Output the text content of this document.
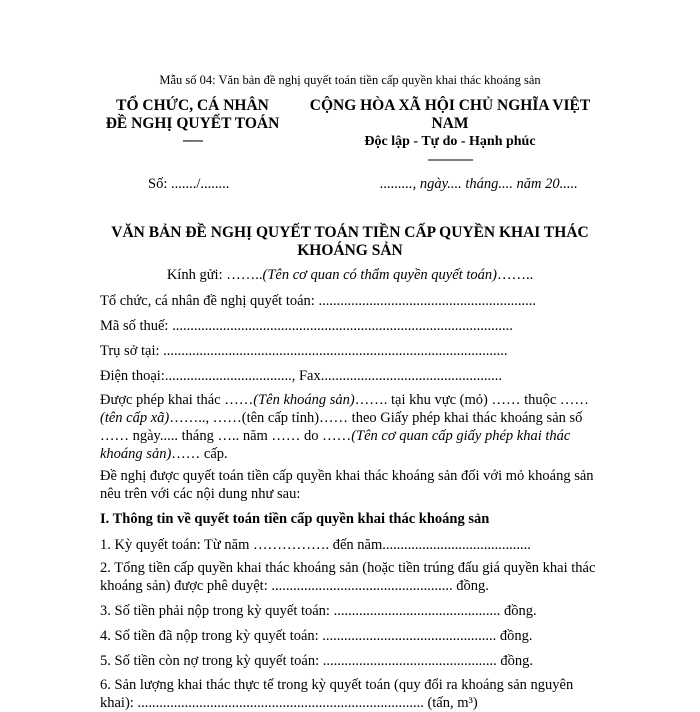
Mẫu số 04: Văn bản đề nghị quyết toán tiền cấp quyền khai thác khoáng sản
TỔ CHỨC, CÁ NHÂN
ĐỀ NGHỊ QUYẾT TOÁN
------
CỘNG HÒA XÃ HỘI CHỦ NGHĨA VIỆT NAM
Độc lập - Tự do - Hạnh phúc
---------------
Số: ......./........	........., ngày.... tháng.... năm 20.....
VĂN BẢN ĐỀ NGHỊ QUYẾT TOÁN TIỀN CẤP QUYỀN KHAI THÁC KHOÁNG SẢN
Kính gửi: ……..(Tên cơ quan có thẩm quyền quyết toán)……..
Tổ chức, cá nhân đề nghị quyết toán: ............................................................
Mã số thuế: ..............................................................................................
Trụ sở tại: ...............................................................................................
Điện thoại:..................................., Fax..................................................
Được phép khai thác ……(Tên khoáng sản)……. tại khu vực (mỏ) …… thuộc …… (tên cấp xã)…….., ……(tên cấp tỉnh)…… theo Giấy phép khai thác khoáng sản số …… ngày..... tháng ….. năm …… do ……(Tên cơ quan cấp giấy phép khai thác khoáng sản)…… cấp.
Đề nghị được quyết toán tiền cấp quyền khai thác khoáng sản đối với mỏ khoáng sản nêu trên với các nội dung như sau:
I. Thông tin về quyết toán tiền cấp quyền khai thác khoáng sản
1. Kỳ quyết toán: Từ năm ……………. đến năm.........................................
2. Tổng tiền cấp quyền khai thác khoáng sản (hoặc tiền trúng đấu giá quyền khai thác khoáng sản) được phê duyệt: .................................................. đồng.
3. Số tiền phải nộp trong kỳ quyết toán: .............................................. đồng.
4. Số tiền đã nộp trong kỳ quyết toán: ................................................ đồng.
5. Số tiền còn nợ trong kỳ quyết toán: ................................................ đồng.
6. Sản lượng khai thác thực tế trong kỳ quyết toán (quy đổi ra khoáng sản nguyên khai): ............................................................................... (tấn, m³)
